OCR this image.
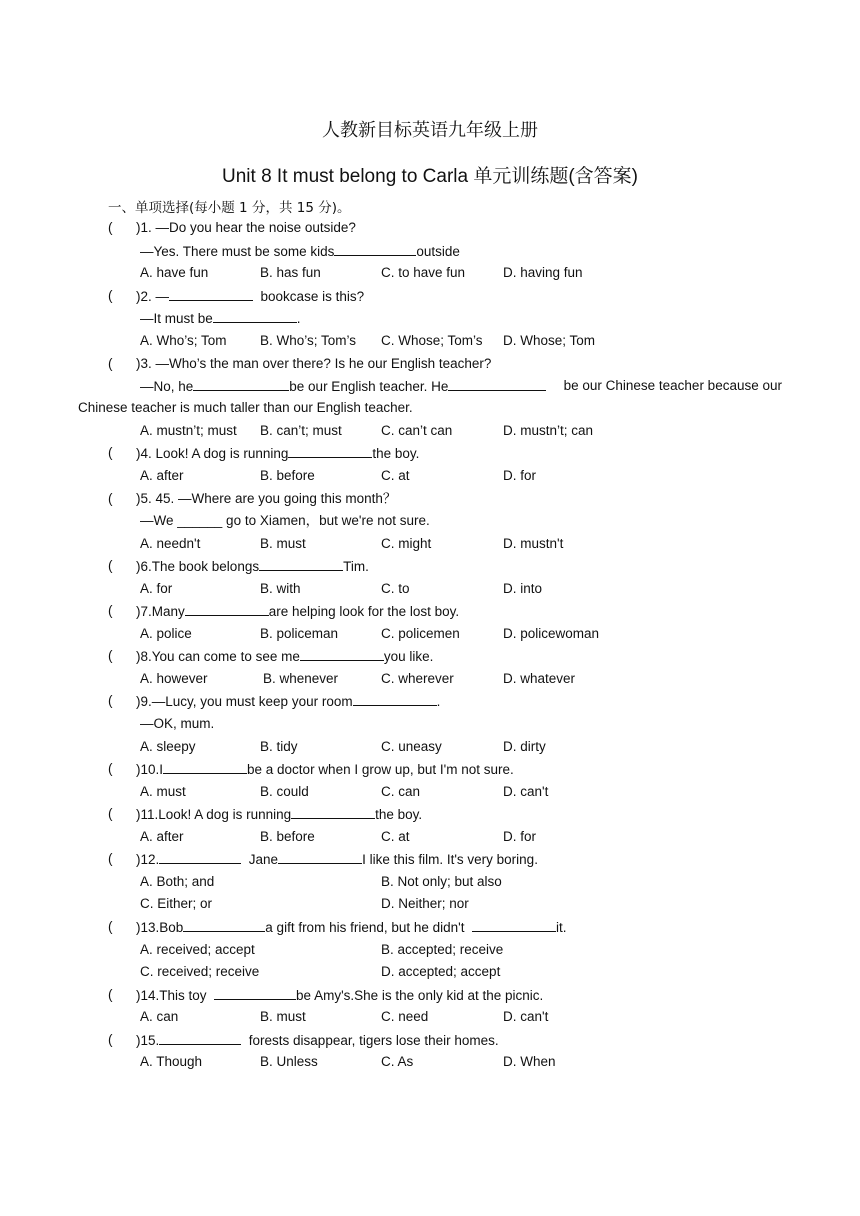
人教新目标英语九年级上册
Unit 8 It must belong to Carla 单元训练题(含答案)
一、单项选择(每小题 1 分，共 15 分)。
( )1. —Do you hear the noise outside?
—Yes. There must be some kids	outside
A. have fun	B. has fun	C. to have fun	D. having fun
( )2. —	bookcase is this?
—It must be	.
A. Who’s; Tom B. Who’s; Tom’s C. Whose; Tom’s D. Whose; Tom
( )3. —Who’s the man over there? Is he our English teacher?
—No, he	be our English teacher. He	be our Chinese teacher because our
Chinese teacher is much taller than our English teacher.
A. mustn’t; must B. can’t; must	C. can’t can	D. mustn’t; can
( )4. Look! A dog is running	the boy.
A. after	B. before	C. at	D. for
( )5. 45. —Where are you going this month？
—We ______ go to Xiamen，but we're not sure.
A. needn't	B. must	C. might	D. mustn't
( )6.The book belongs	Tim.
A. for	B. with	C. to	D. into
( )7.Many	are helping look for the lost boy.
A. police	B. policeman	C. policemen	D. policewoman
( )8.You can come to see me	you like.
A. however	B. whenever	C. wherever	D. whatever
( )9.—Lucy, you must keep your room	.
—OK, mum.
A. sleepy	B. tidy	C. uneasy	D. dirty
( )10.I	be a doctor when I grow up, but I'm not sure.
A. must	B. could	C. can	D. can't
( )11.Look! A dog is running	the boy.
A. after	B. before	C. at	D. for
( )12.	Jane	I like this film. It's very boring.
A. Both; and	B. Not only; but also
C. Either; or	D. Neither; nor
( )13.Bob	a gift from his friend, but he didn't	it.
A. received; accept	B. accepted; receive
C. received; receive	D. accepted; accept
( )14.This toy	be Amy's.She is the only kid at the picnic.
A. can	B. must	C. need	D. can't
( )15.	forests disappear, tigers lose their homes.
A. Though	B. Unless	C. As	D. When
